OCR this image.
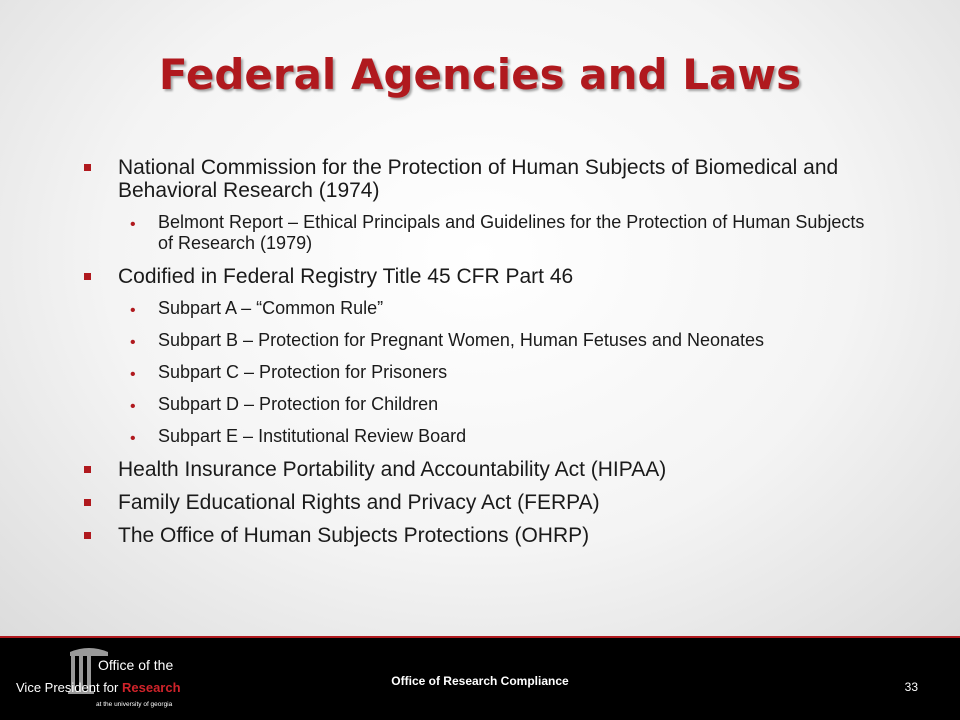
Federal Agencies and Laws
National Commission for the Protection of Human Subjects of Biomedical and Behavioral Research (1974)
• Belmont Report – Ethical Principals and Guidelines for the Protection of Human Subjects of Research (1979)
Codified in Federal Registry Title 45 CFR Part 46
• Subpart A – “Common Rule”
• Subpart B – Protection for Pregnant Women, Human Fetuses and Neonates
• Subpart C – Protection for Prisoners
• Subpart D – Protection for Children
• Subpart E – Institutional Review Board
Health Insurance Portability and Accountability Act (HIPAA)
Family Educational Rights and Privacy Act (FERPA)
The Office of Human Subjects Protections (OHRP)
Office of the
Vice President for Research
at the university of georgia
Office of Research Compliance	33
